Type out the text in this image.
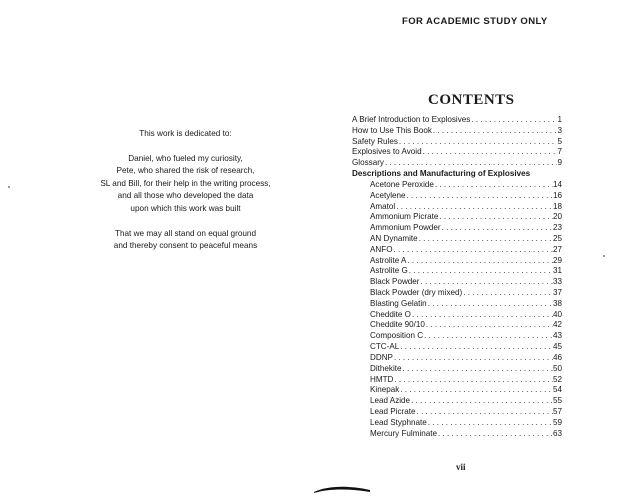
FOR ACADEMIC STUDY ONLY
This work is dedicated to:
Daniel, who fueled my curiosity,
Pete, who shared the risk of research,
SL and Bill, for their help in the writing process,
and all those who developed the data
upon which this work was built
That we may all stand on equal ground
and thereby consent to peaceful means
CONTENTS
A Brief Introduction to Explosives . . .	1
How to Use This Book . . .	3
Safety Rules . . .	5
Explosives to Avoid . . .	7
Glossary . . .	9
Descriptions and Manufacturing of Explosives
Acetone Peroxide . . .	14
Acetylene . . .	16
Amatol . . .	18
Ammonium Picrate . . .	20
Ammonium Powder . . .	23
AN Dynamite . . .	25
ANFO . . .	27
Astrolite A . . .	29
Astrolite G . . .	31
Black Powder . . .	33
Black Powder (dry mixed) . . .	37
Blasting Gelatin . . .	38
Cheddite O . . .	40
Cheddite 90/10 . . .	42
Composition C . . .	43
CTC-AL . . .	45
DDNP . . .	46
Dithekite . . .	50
HMTD . . .	52
Kinepak . . .	54
Lead Azide . . .	55
Lead Picrate . . .	57
Lead Styphnate . . .	59
Mercury Fulminate . . .	63
vii
